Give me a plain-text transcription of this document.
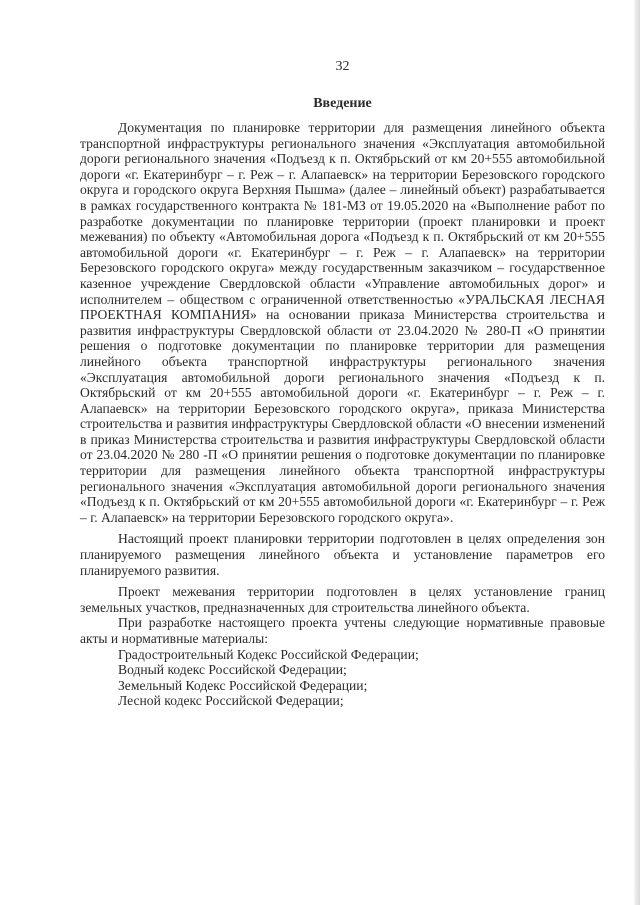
32
Введение

Документация по планировке территории для размещения линейного объекта транспортной инфраструктуры регионального значения «Эксплуатация автомобильной дороги регионального значения «Подъезд к п. Октябрьский от км 20+555 автомобильной дороги «г. Екатеринбург – г. Реж – г. Алапаевск» на территории Березовского городского округа и городского округа Верхняя Пышма» (далее – линейный объект) разрабатывается в рамках государственного контракта № 181-МЗ от 19.05.2020 на «Выполнение работ по разработке документации по планировке территории (проект планировки и проект межевания) по объекту «Автомобильная дорога «Подъезд к п. Октябрьский от км 20+555 автомобильной дороги «г. Екатеринбург – г. Реж – г. Алапаевск» на территории Березовского городского округа» между государственным заказчиком – государственное казенное учреждение Свердловской области «Управление автомобильных дорог» и исполнителем – обществом с ограниченной ответственностью «УРАЛЬСКАЯ ЛЕСНАЯ ПРОЕКТНАЯ КОМПАНИЯ» на основании приказа Министерства строительства и развития инфраструктуры Свердловской области от 23.04.2020 № 280-П «О принятии решения о подготовке документации по планировке территории для размещения линейного объекта транспортной инфраструктуры регионального значения «Эксплуатация автомобильной дороги регионального значения «Подъезд к п. Октябрьский от км 20+555 автомобильной дороги «г. Екатеринбург – г. Реж – г. Алапаевск» на территории Березовского городского округа», приказа Министерства строительства и развития инфраструктуры Свердловской области «О внесении изменений в приказ Министерства строительства и развития инфраструктуры Свердловской области от 23.04.2020 № 280 -П «О принятии решения о подготовке документации по планировке территории для размещения линейного объекта транспортной инфраструктуры регионального значения «Эксплуатация автомобильной дороги регионального значения «Подъезд к п. Октябрьский от км 20+555 автомобильной дороги «г. Екатеринбург – г. Реж – г. Алапаевск» на территории Березовского городского округа».

Настоящий проект планировки территории подготовлен в целях определения зон планируемого размещения линейного объекта и установление параметров его планируемого развития.

Проект межевания территории подготовлен в целях установление границ земельных участков, предназначенных для строительства линейного объекта.

При разработке настоящего проекта учтены следующие нормативные правовые акты и нормативные материалы:

Градостроительный Кодекс Российской Федерации;
Водный кодекс Российской Федерации;
Земельный Кодекс Российской Федерации;
Лесной кодекс Российской Федерации;
